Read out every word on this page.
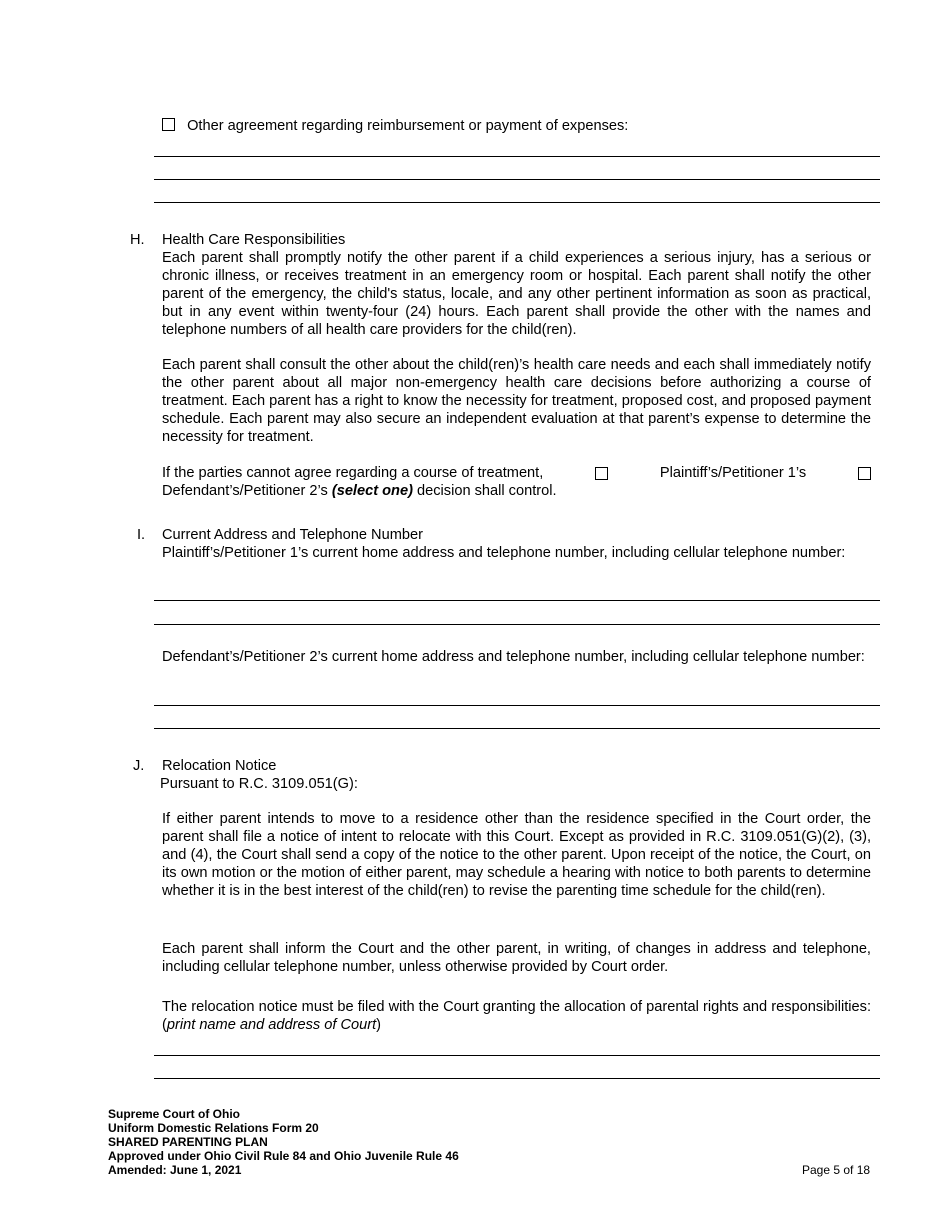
Other agreement regarding reimbursement or payment of expenses:
H. Health Care Responsibilities
Each parent shall promptly notify the other parent if a child experiences a serious injury, has a serious or chronic illness, or receives treatment in an emergency room or hospital. Each parent shall notify the other parent of the emergency, the child's status, locale, and any other pertinent information as soon as practical, but in any event within twenty-four (24) hours. Each parent shall provide the other with the names and telephone numbers of all health care providers for the child(ren).
Each parent shall consult the other about the child(ren)’s health care needs and each shall immediately notify the other parent about all major non-emergency health care decisions before authorizing a course of treatment. Each parent has a right to know the necessity for treatment, proposed cost, and proposed payment schedule. Each parent may also secure an independent evaluation at that parent’s expense to determine the necessity for treatment.
If the parties cannot agree regarding a course of treatment,	Plaintiff’s/Petitioner 1’s
Defendant’s/Petitioner 2’s (select one) decision shall control.
I. Current Address and Telephone Number
Plaintiff’s/Petitioner 1’s current home address and telephone number, including cellular telephone number:
Defendant’s/Petitioner 2’s current home address and telephone number, including cellular telephone number:
J. Relocation Notice
Pursuant to R.C. 3109.051(G):
If either parent intends to move to a residence other than the residence specified in the Court order, the parent shall file a notice of intent to relocate with this Court. Except as provided in R.C. 3109.051(G)(2), (3), and (4), the Court shall send a copy of the notice to the other parent. Upon receipt of the notice, the Court, on its own motion or the motion of either parent, may schedule a hearing with notice to both parents to determine whether it is in the best interest of the child(ren) to revise the parenting time schedule for the child(ren).
Each parent shall inform the Court and the other parent, in writing, of changes in address and telephone, including cellular telephone number, unless otherwise provided by Court order.
The relocation notice must be filed with the Court granting the allocation of parental rights and responsibilities: (print name and address of Court)
Supreme Court of Ohio
Uniform Domestic Relations Form 20
SHARED PARENTING PLAN
Approved under Ohio Civil Rule 84 and Ohio Juvenile Rule 46
Amended: June 1, 2021	Page 5 of 18
